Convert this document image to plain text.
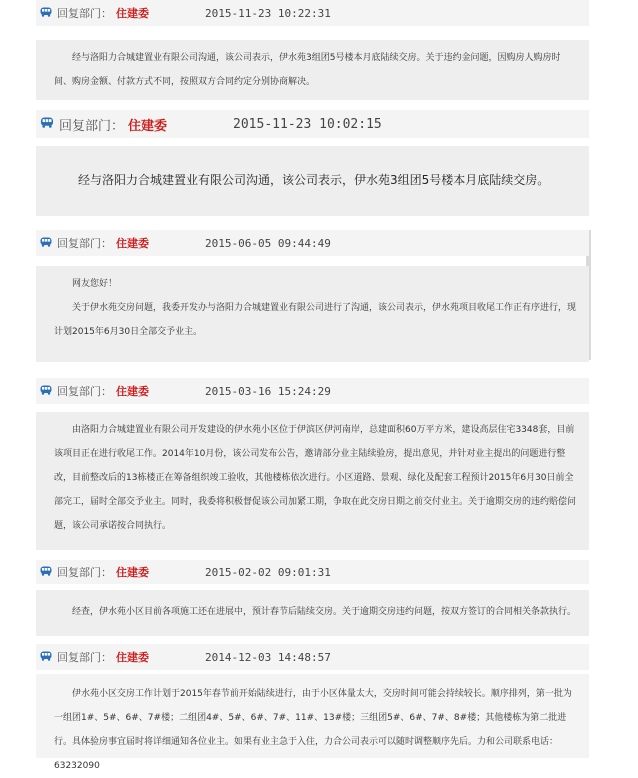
回复部门： 住建委	2015-11-23 10:22:31

经与洛阳力合城建置业有限公司沟通，该公司表示，伊水苑3组团5号楼本月底陆续交房。关于违约金问题，因购房人购房时间、购房金额、付款方式不同，按照双方合同约定分别协商解决。

回复部门： 住建委	2015-11-23 10:02:15

经与洛阳力合城建置业有限公司沟通，该公司表示，伊水苑3组团5号楼本月底陆续交房。

回复部门： 住建委	2015-06-05 09:44:49

网友您好！

关于伊水苑交房问题，我委开发办与洛阳力合城建置业有限公司进行了沟通，该公司表示，伊水苑项目收尾工作正有序进行，现计划2015年6月30日全部交予业主。

回复部门： 住建委	2015-03-16 15:24:29

由洛阳力合城建置业有限公司开发建设的伊水苑小区位于伊滨区伊河南岸，总建面积60万平方米，建设高层住宅3348套，目前该项目正在进行收尾工作。2014年10月份，该公司发布公告，邀请部分业主陆续验房，提出意见，并针对业主提出的问题进行整改，目前整改后的13栋楼正在筹备组织竣工验收，其他楼栋依次进行。小区道路、景观、绿化及配套工程预计2015年6月30日前全部完工，届时全部交予业主。同时，我委将积极督促该公司加紧工期，争取在此交房日期之前交付业主。关于逾期交房的违约赔偿问题，该公司承诺按合同执行。

回复部门： 住建委	2015-02-02 09:01:31

经查，伊水苑小区目前各项施工还在进展中，预计春节后陆续交房。关于逾期交房违约问题，按双方签订的合同相关条款执行。

回复部门： 住建委	2014-12-03 14:48:57

伊水苑小区交房工作计划于2015年春节前开始陆续进行，由于小区体量太大，交房时间可能会持续较长。顺序排列，第一批为一组团1#、5#、6#、7#楼；二组团4#、5#、6#、7#、11#、13#楼；三组团5#、6#、7#、8#楼；其他楼栋为第二批进行。具体验房事宜届时将详细通知各位业主。如果有业主急于入住，力合公司表示可以随时调整顺序先后。力和公司联系电话：63232090
